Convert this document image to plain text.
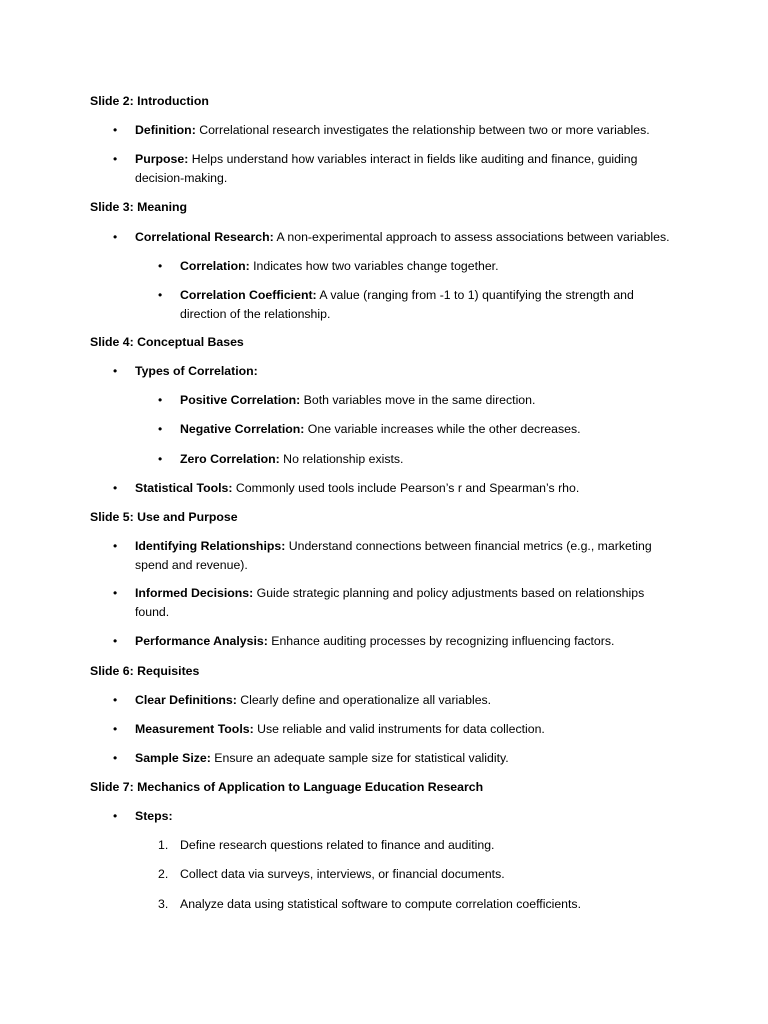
Slide 2: Introduction
• Definition: Correlational research investigates the relationship between two or more variables.
• Purpose: Helps understand how variables interact in fields like auditing and finance, guiding decision-making.
Slide 3: Meaning
• Correlational Research: A non-experimental approach to assess associations between variables.
• Correlation: Indicates how two variables change together.
• Correlation Coefficient: A value (ranging from -1 to 1) quantifying the strength and direction of the relationship.
Slide 4: Conceptual Bases
• Types of Correlation:
• Positive Correlation: Both variables move in the same direction.
• Negative Correlation: One variable increases while the other decreases.
• Zero Correlation: No relationship exists.
• Statistical Tools: Commonly used tools include Pearson’s r and Spearman’s rho.
Slide 5: Use and Purpose
• Identifying Relationships: Understand connections between financial metrics (e.g., marketing spend and revenue).
• Informed Decisions: Guide strategic planning and policy adjustments based on relationships found.
• Performance Analysis: Enhance auditing processes by recognizing influencing factors.
Slide 6: Requisites
• Clear Definitions: Clearly define and operationalize all variables.
• Measurement Tools: Use reliable and valid instruments for data collection.
• Sample Size: Ensure an adequate sample size for statistical validity.
Slide 7: Mechanics of Application to Language Education Research
• Steps:
1. Define research questions related to finance and auditing.
2. Collect data via surveys, interviews, or financial documents.
3. Analyze data using statistical software to compute correlation coefficients.
